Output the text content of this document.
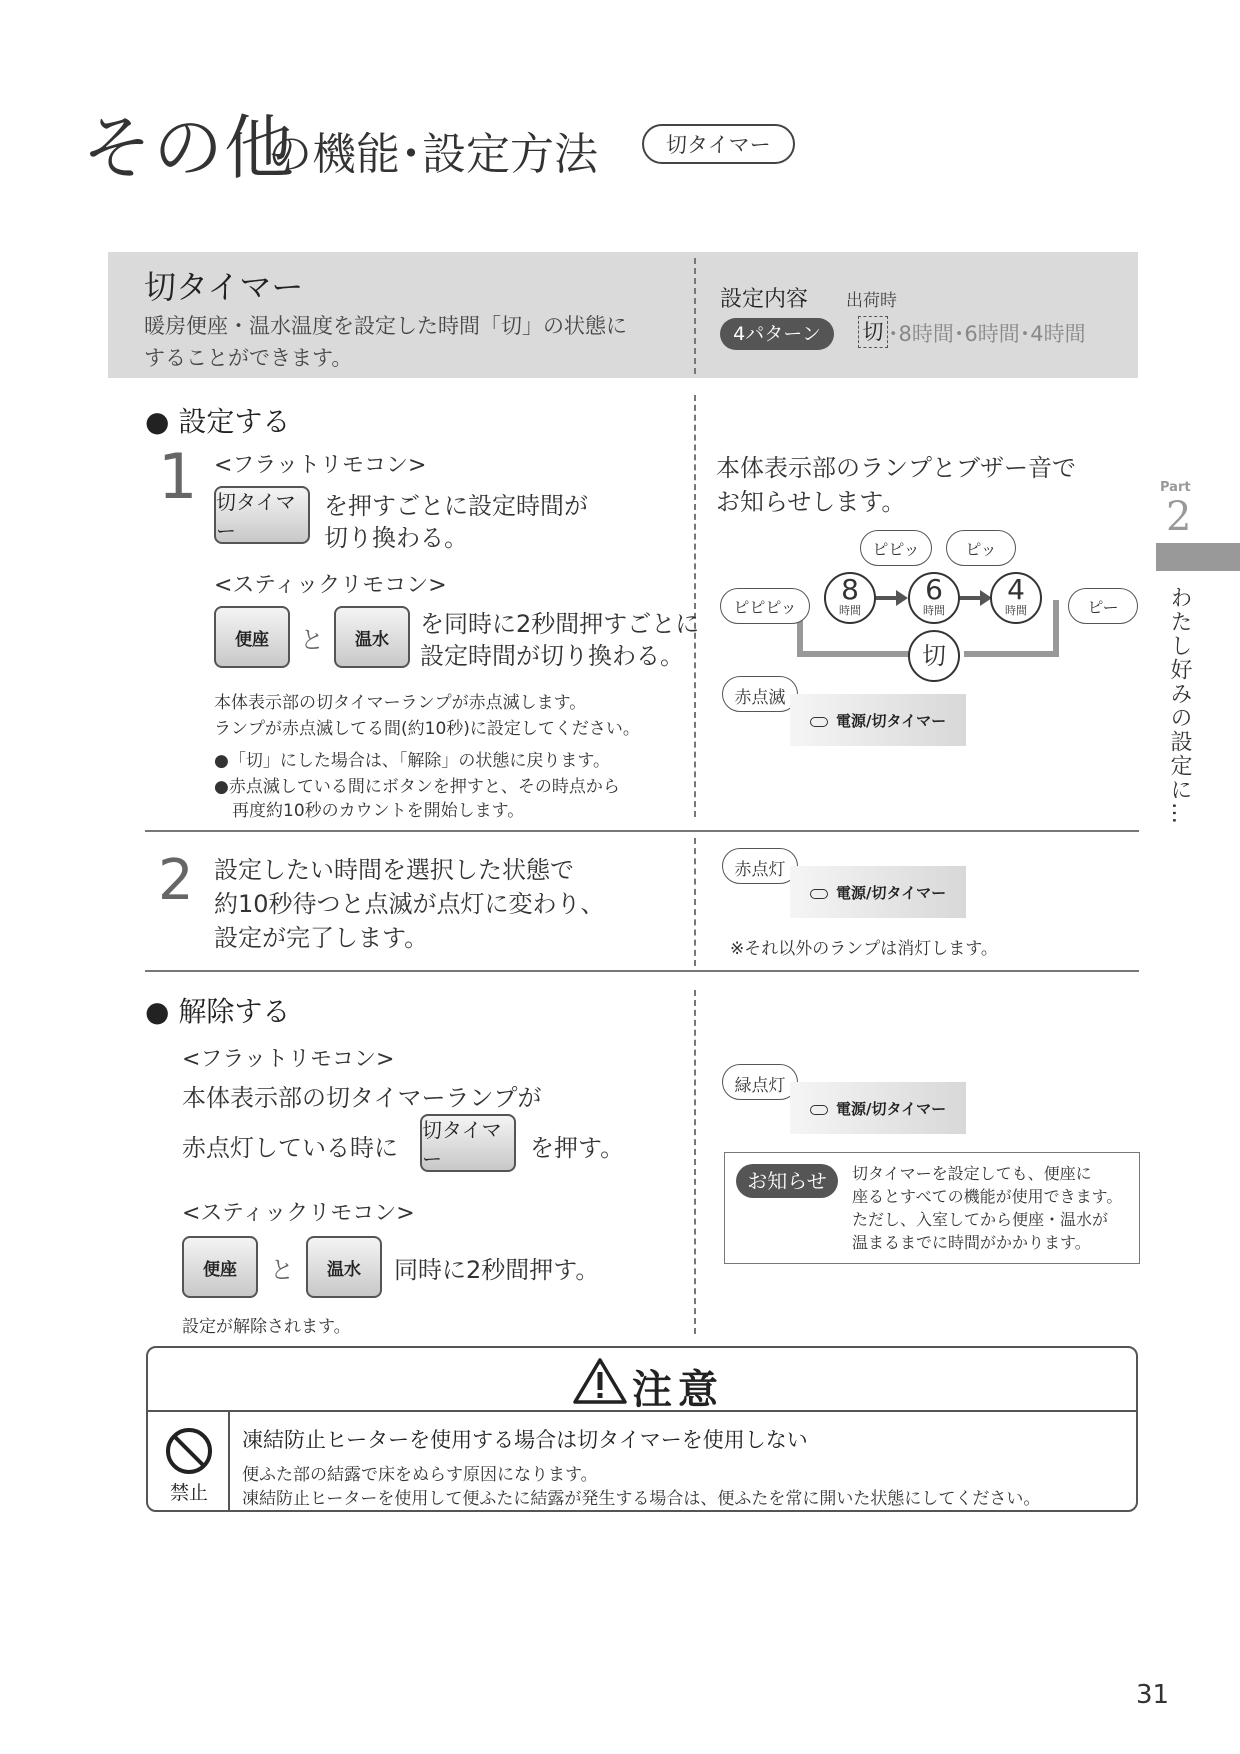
その他
の機能･設定方法	切タイマー
切タイマー
暖房便座・温水温度を設定した時間「切」の状態に
することができます。
設定内容 出荷時
4パターン	切 ･8時間･6時間･4時間
● 設定する
1 <フラットリモコン>
切タイマー
を押すごとに設定時間が
切り換わる。
<スティックリモコン>
便座	と	温水
を同時に2秒間押すごとに
設定時間が切り換わる。
本体表示部の切タイマーランプが赤点滅します。
ランプが赤点滅してる間(約10秒)に設定してください。
●「切」にした場合は、「解除」の状態に戻ります。
●赤点滅している間にボタンを押すと、その時点から
再度約10秒のカウントを開始します。
本体表示部のランプとブザー音で
お知らせします。
ピピピッ
ピピッ	ピッ
ピー
8
時間
6
時間
4
時間
切
赤点滅
電源/切タイマー
2 設定したい時間を選択した状態で
約10秒待つと点滅が点灯に変わり、
設定が完了します。
赤点灯
電源/切タイマー
※それ以外のランプは消灯します。
● 解除する
<フラットリモコン>
本体表示部の切タイマーランプが
赤点灯している時に
切タイマー	を押す。
<スティックリモコン>
便座	と	温水	同時に2秒間押す。
設定が解除されます。
緑点灯
電源/切タイマー
お知らせ	切タイマーを設定しても、便座に
座るとすべての機能が使用できます。
ただし、入室してから便座・温水が
温まるまでに時間がかかります。
注意
禁止
凍結防止ヒーターを使用する場合は切タイマーを使用しない
便ふた部の結露で床をぬらす原因になります。
凍結防止ヒーターを使用して便ふたに結露が発生する場合は、便ふたを常に開いた状態にしてください。
Part
2
わたし好みの設定に…
31
